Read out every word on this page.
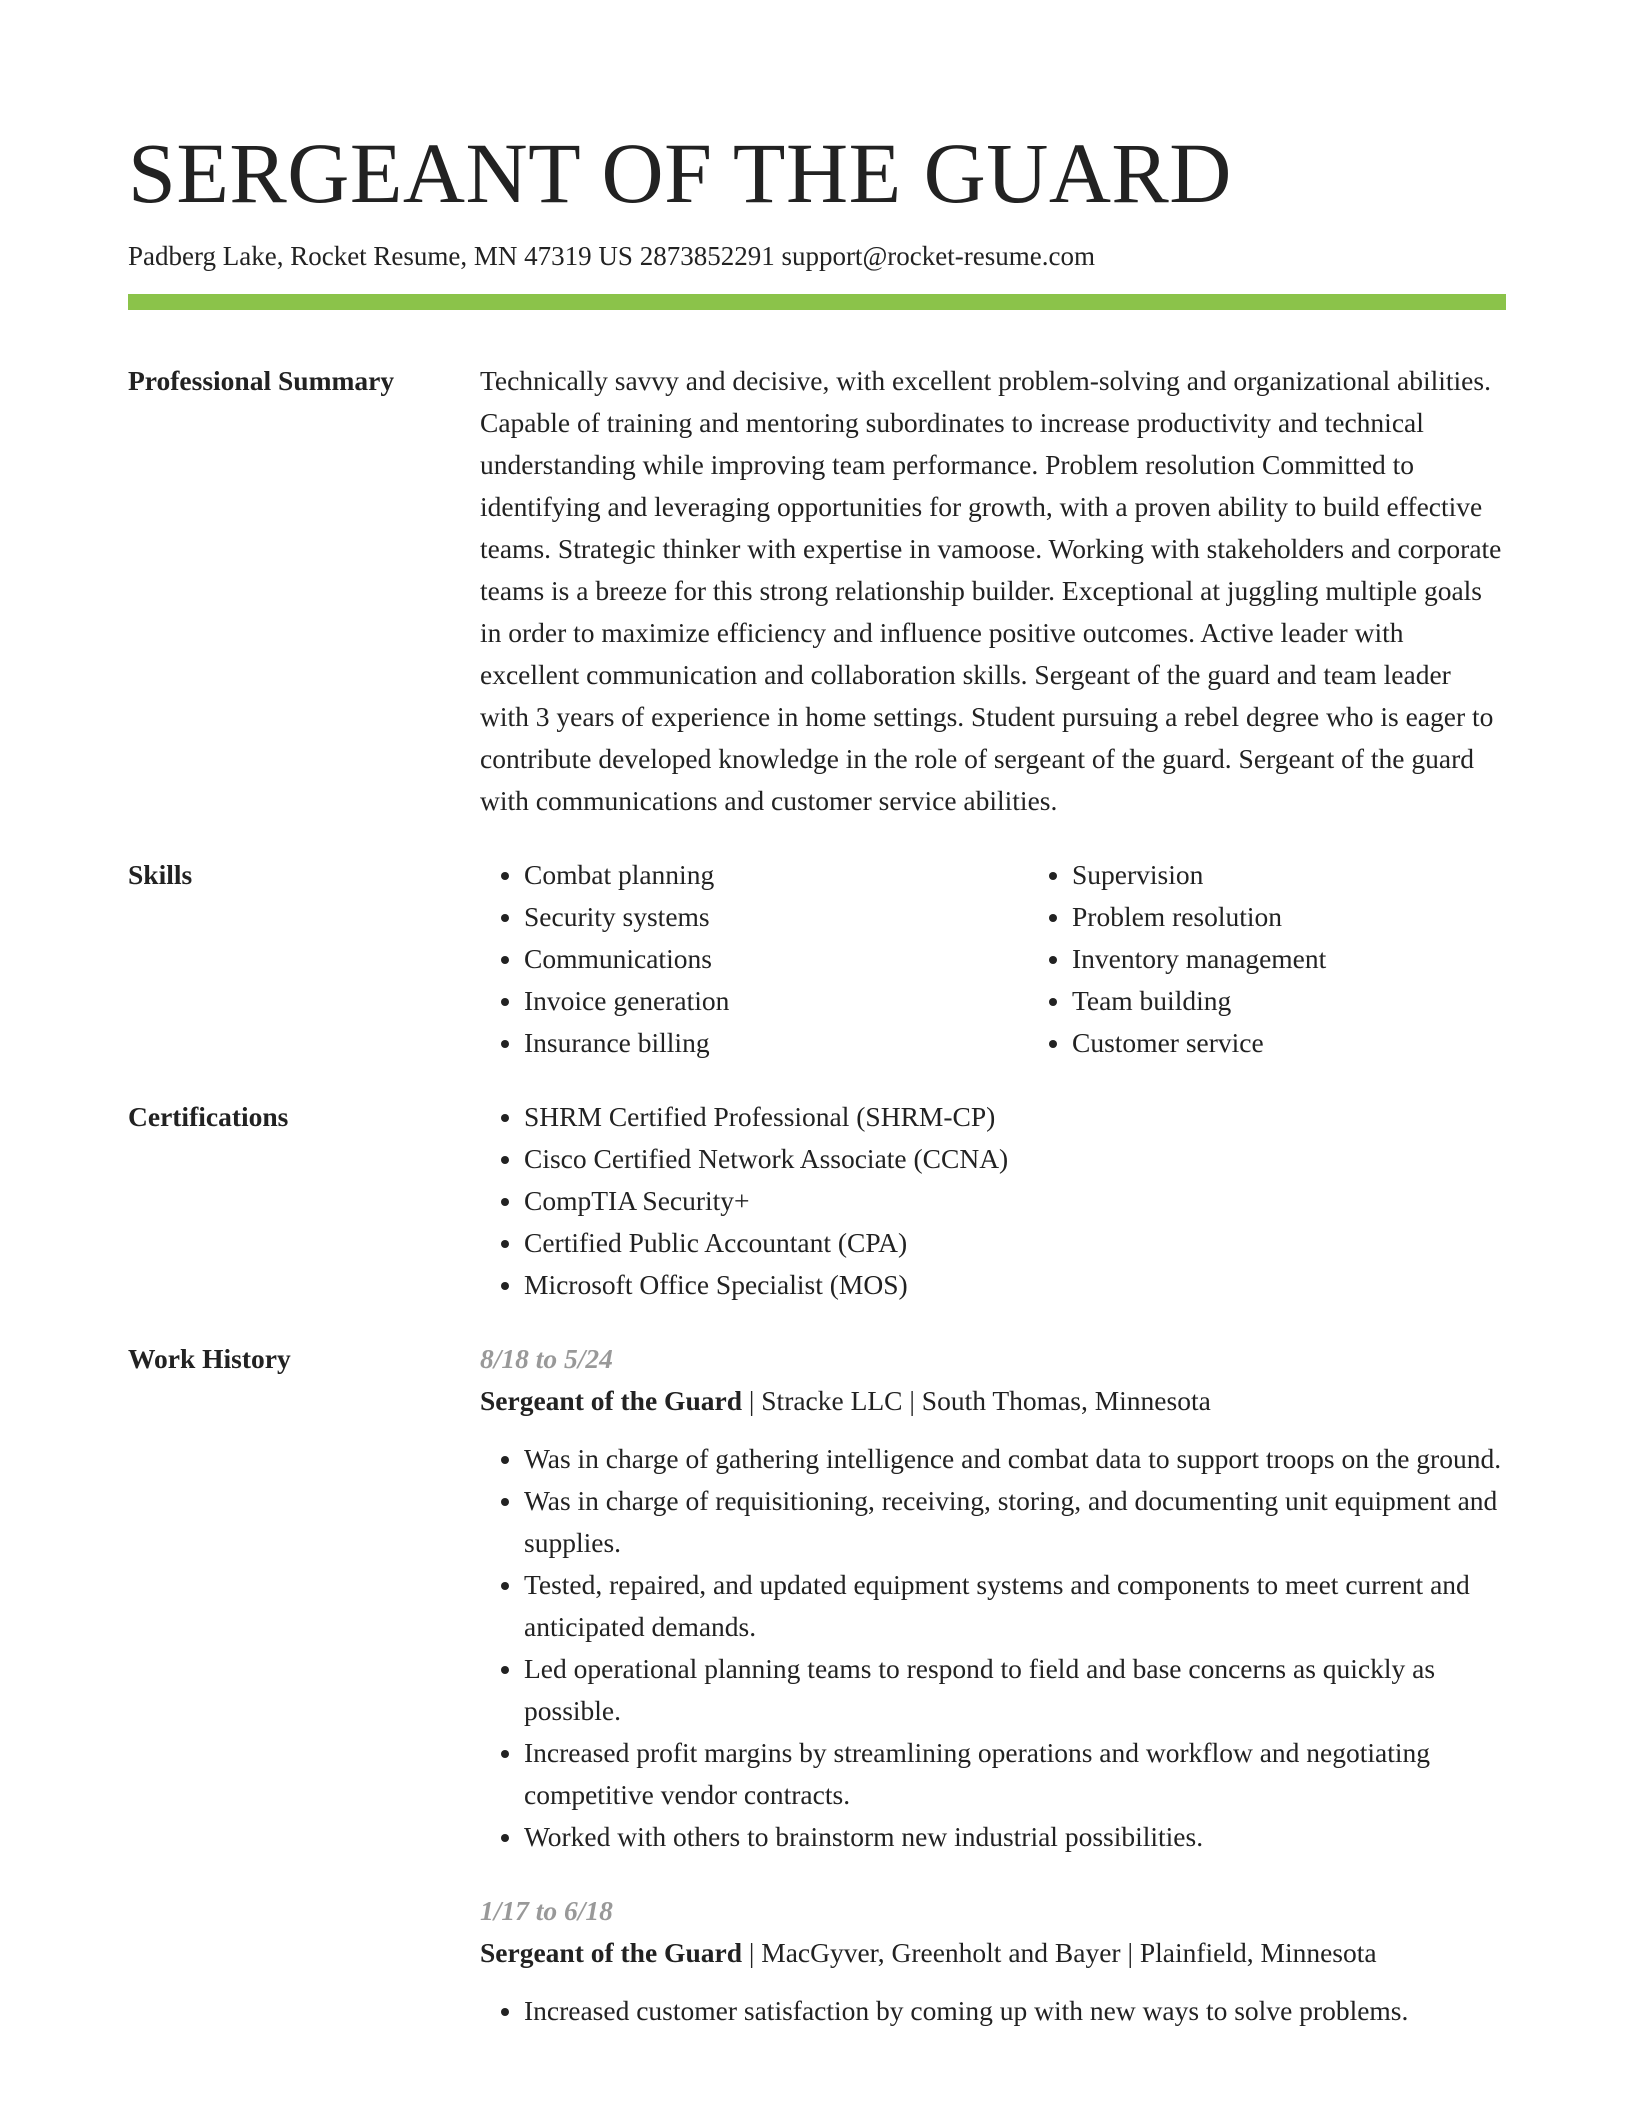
SERGEANT OF THE GUARD
Padberg Lake, Rocket Resume, MN 47319 US 2873852291 support@rocket-resume.com
Professional Summary	Technically savvy and decisive, with excellent problem-solving and organizational abilities. Capable of training and mentoring subordinates to increase productivity and technical understanding while improving team performance. Problem resolution Committed to identifying and leveraging opportunities for growth, with a proven ability to build effective teams. Strategic thinker with expertise in vamoose. Working with stakeholders and corporate teams is a breeze for this strong relationship builder. Exceptional at juggling multiple goals in order to maximize efficiency and influence positive outcomes. Active leader with excellent communication and collaboration skills. Sergeant of the guard and team leader with 3 years of experience in home settings. Student pursuing a rebel degree who is eager to contribute developed knowledge in the role of sergeant of the guard. Sergeant of the guard with communications and customer service abilities.

Skills	• Combat planning
• Security systems
• Communications
• Invoice generation
• Insurance billing
• Supervision
• Problem resolution
• Inventory management
• Team building
• Customer service
Certifications	• SHRM Certified Professional (SHRM-CP)
• Cisco Certified Network Associate (CCNA)
• CompTIA Security+
• Certified Public Accountant (CPA)
• Microsoft Office Specialist (MOS)
Work History	8/18 to 5/24
Sergeant of the Guard | Stracke LLC | South Thomas, Minnesota
• Was in charge of gathering intelligence and combat data to support troops on the ground.
• Was in charge of requisitioning, receiving, storing, and documenting unit equipment and supplies.
• Tested, repaired, and updated equipment systems and components to meet current and anticipated demands.
• Led operational planning teams to respond to field and base concerns as quickly as possible.
• Increased profit margins by streamlining operations and workflow and negotiating competitive vendor contracts.
• Worked with others to brainstorm new industrial possibilities.
1/17 to 6/18
Sergeant of the Guard | MacGyver, Greenholt and Bayer | Plainfield, Minnesota
• Increased customer satisfaction by coming up with new ways to solve problems.
